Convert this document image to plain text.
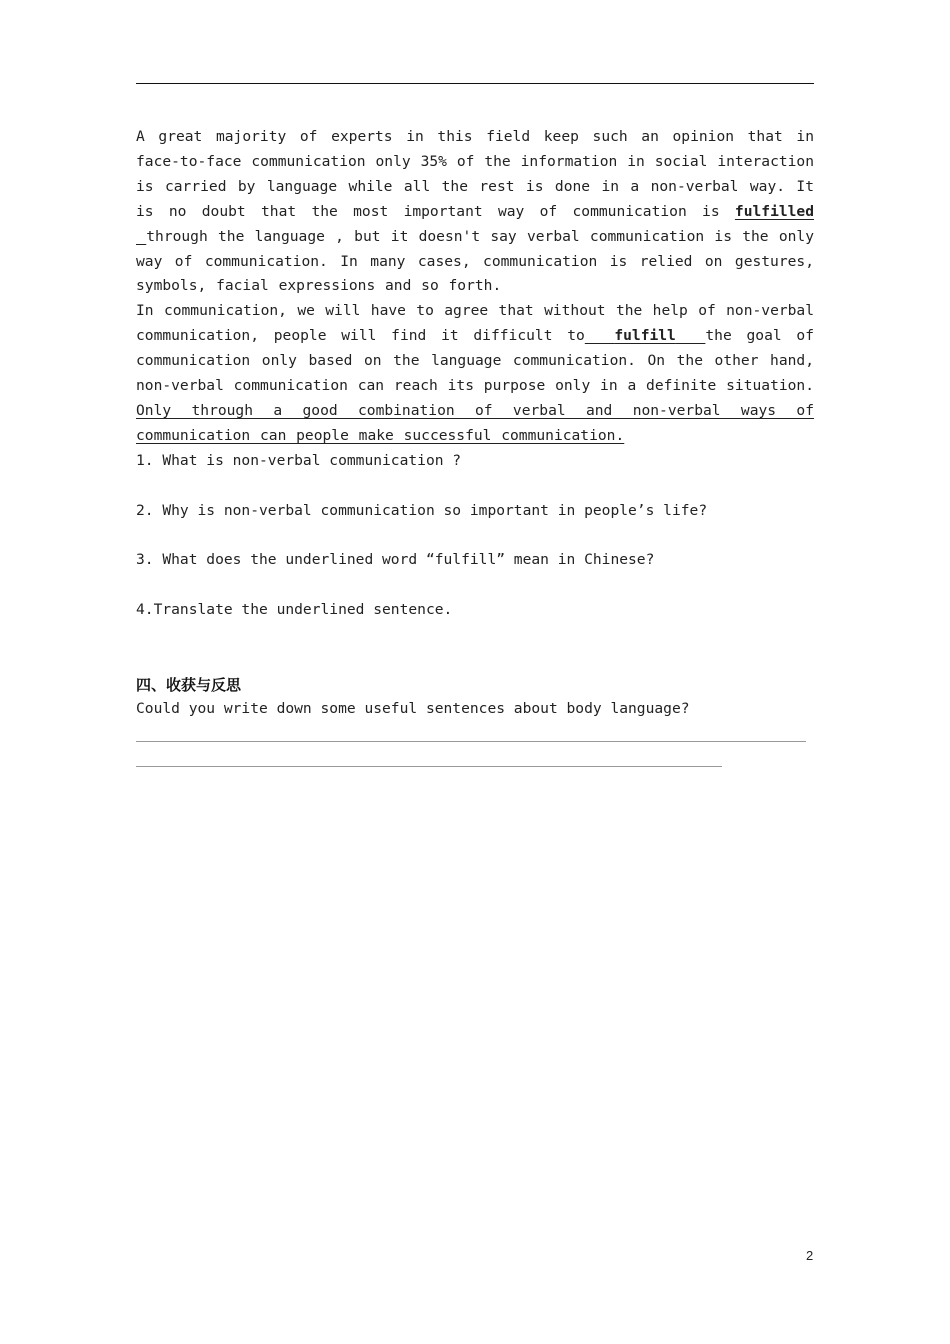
A great majority of experts in this field keep such an opinion that in face-to-face communication only 35% of the information in social interaction is carried by language while all the rest is done in a non-verbal way. It is no doubt that the most important way of communication is fulfilled through the language , but it doesn't say verbal communication is the only way of communication. In many cases, communication is relied on gestures, symbols, facial expressions and so forth.

In communication, we will have to agree that without the help of non-verbal communication, people will find it difficult to fulfill the goal of communication only based on the language communication. On the other hand, non-verbal communication can reach its purpose only in a definite situation. Only through a good combination of verbal and non-verbal ways of communication can people make successful communication.

1. What is non-verbal communication ?

2. Why is non-verbal communication so important in people’s life?

3. What does the underlined word “fulfill” mean in Chinese?

4.Translate the underlined sentence.

四、收获与反思

Could you write down some useful sentences about body language?

2
